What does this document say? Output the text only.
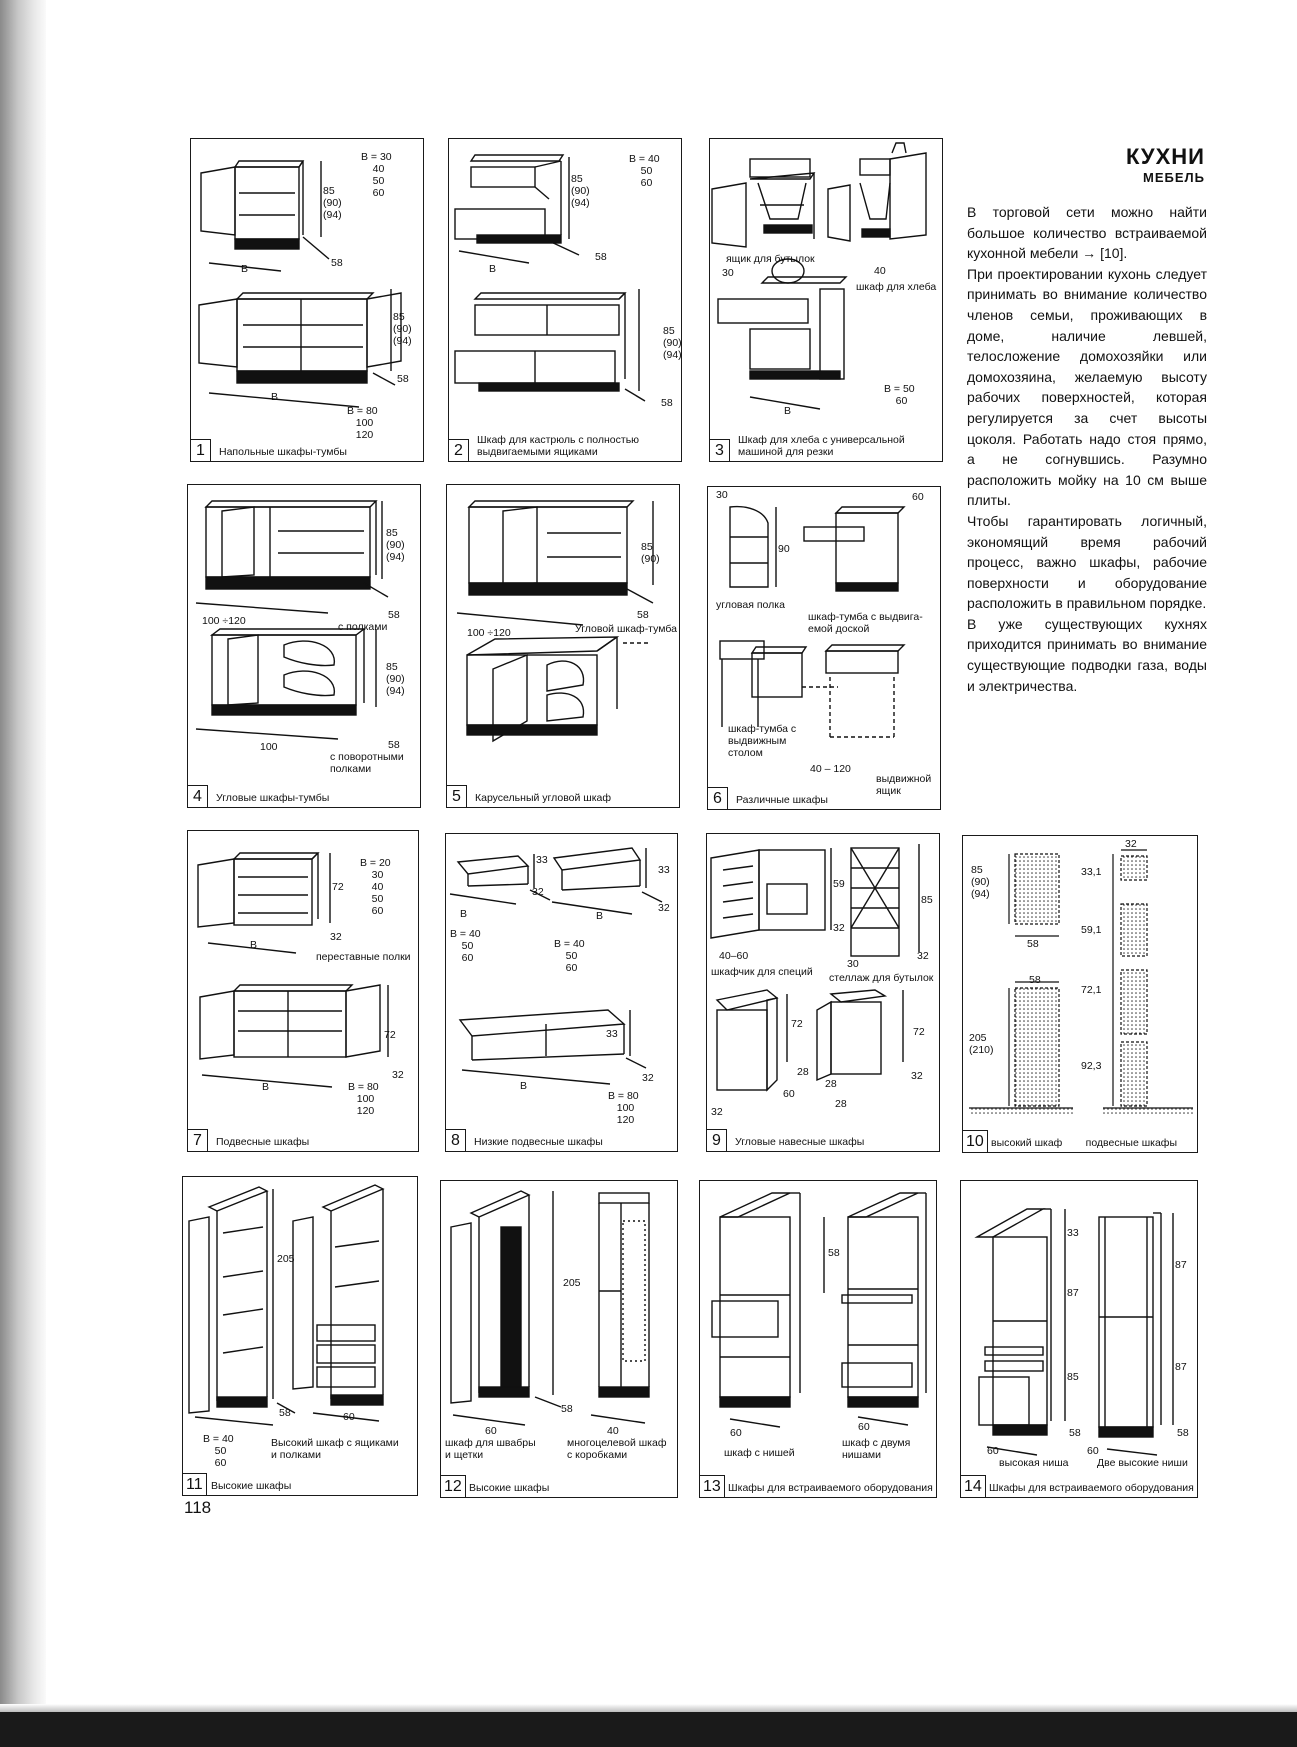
КУХНИ
МЕБЕЛЬ

В торговой сети можно найти большое количество встраиваемой кухонной мебели → [10].

При проектировании кухонь следует принимать во внимание количество членов семьи, проживающих в доме, наличие левшей, телосложение домохозяйки или домохозяина, желаемую высоту рабочих поверхностей, которая регулируется за счет высоты цоколя. Работать надо стоя прямо, а не согнувшись. Разумно расположить мойку на 10 см выше плиты.

Чтобы гарантировать логичный, экономящий время рабочий процесс, важно шкафы, рабочие поверхности и оборудование расположить в правильном порядке.

В уже существующих кухнях приходится принимать во внимание существующие подводки газа, воды и электричества.

B = 30
40
50
60
85
(90)
(94)
58
B
85
(90)
(94)
58
B
B = 80
100
120
1	Напольные шкафы-тумбы
B = 40
50
60
85
(90)
(94)
58
B
85
(90)
(94)
58
2
Шкаф для кастрюль с полностью
выдвигаемыми ящиками
30
ящик для бутылок
40
шкаф для хлеба
B = 50
60
B
3
Шкаф для хлеба с универсальной
машиной для резки
85
(90)
(94)
100 ÷120	58
с полками
85
(90)
(94)
100	58
с поворотными
полками
4	Угловые шкафы-тумбы
85
(90)
58
100 ÷120	Угловой шкаф-тумба
5	Карусельный угловой шкаф
30	60
90
угловая полка
шкаф-тумба с выдвига-
емой доской
шкаф-тумба с
выдвижным
столом
40 – 120
выдвижной
ящик
6	Различные шкафы
B = 20
30
40
50
60
72
32
B
переставные полки
72
32
B	B = 80
100
120
7	Подвесные шкафы
33
32
B
B = 40
50
60
33
32
B
B = 40
50
60
33
32
B
B = 80
100
120
8	Низкие подвесные шкафы
59
32
40–60
шкафчик для специй
30
стеллаж для бутылок
85
32
72
28
60
28
28
72
32
32
9	Угловые навесные шкафы
85
(90)
(94)
58
32
33,1
59,1
58
72,1
205
(210)
92,3
10 высокий шкаф        подвесные шкафы
205
58	60
B = 40
50
60
Высокий шкаф с ящиками
и полками
11 Высокие шкафы
205
58
60
шкаф для швабры
и щетки
40
многоцелевой шкаф
с коробками
12 Высокие шкафы
58
60
шкаф с нишей
60
шкаф с двумя
нишами
13 Шкафы для встраиваемого оборудования
33
87
85
87
87
58	58
60
высокая ниша
60
Две высокие ниши
14 Шкафы для встраиваемого оборудования
118
